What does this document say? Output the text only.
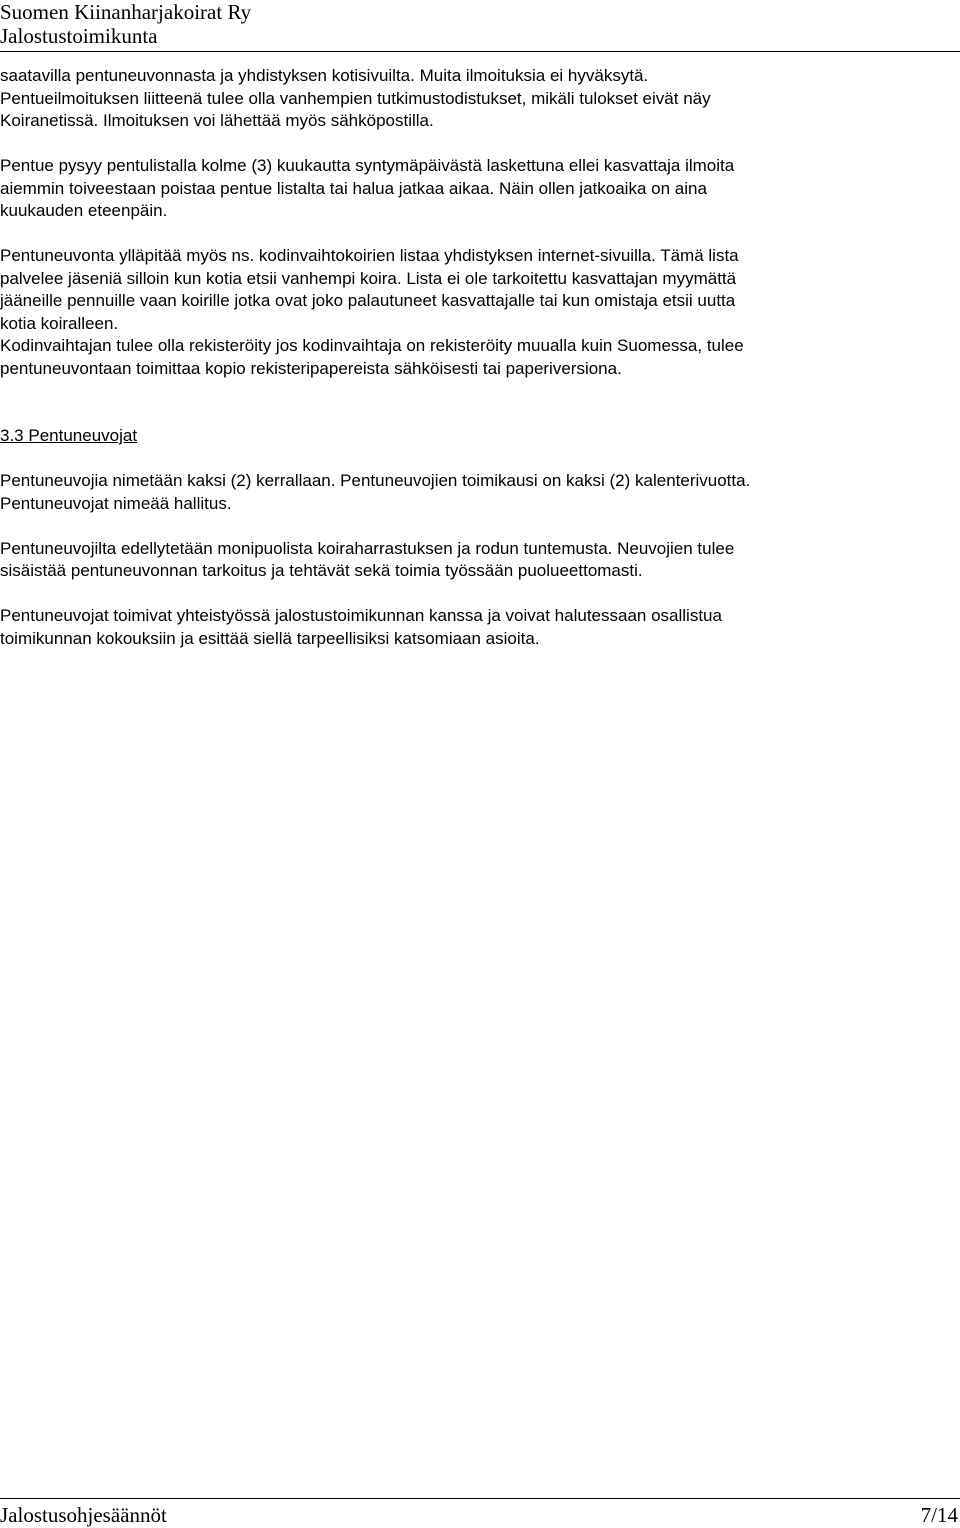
Suomen Kiinanharjakoirat Ry
Jalostustoimikunta
saatavilla pentuneuvonnasta ja yhdistyksen kotisivuilta. Muita ilmoituksia ei hyväksytä.
Pentueilmoituksen liitteenä tulee olla vanhempien tutkimustodistukset, mikäli tulokset eivät näy
Koiranetissä. Ilmoituksen voi lähettää myös sähköpostilla.
Pentue pysyy pentulistalla kolme (3) kuukautta syntymäpäivästä laskettuna ellei kasvattaja ilmoita
aiemmin toiveestaan poistaa pentue listalta tai halua jatkaa aikaa. Näin ollen jatkoaika on aina
kuukauden eteenpäin.
Pentuneuvonta ylläpitää myös ns. kodinvaihtokoirien listaa yhdistyksen internet-sivuilla. Tämä lista
palvelee jäseniä silloin kun kotia etsii vanhempi koira. Lista ei ole tarkoitettu kasvattajan myymättä
jääneille pennuille vaan koirille jotka ovat joko palautuneet kasvattajalle tai kun omistaja etsii uutta
kotia koiralleen.
Kodinvaihtajan tulee olla rekisteröity jos kodinvaihtaja on rekisteröity muualla kuin Suomessa, tulee
pentuneuvontaan toimittaa kopio rekisteripapereista sähköisesti tai paperiversiona.
3.3 Pentuneuvojat
Pentuneuvojia nimetään kaksi (2) kerrallaan. Pentuneuvojien toimikausi on kaksi (2) kalenterivuotta.
Pentuneuvojat nimeää hallitus.
Pentuneuvojilta edellytetään monipuolista koiraharrastuksen ja rodun tuntemusta. Neuvojien tulee
sisäistää pentuneuvonnan tarkoitus ja tehtävät sekä toimia työssään puolueettomasti.
Pentuneuvojat toimivat yhteistyössä jalostustoimikunnan kanssa ja voivat halutessaan osallistua
toimikunnan kokouksiin ja esittää siellä tarpeellisiksi katsomiaan asioita.
Jalostusohjesäännöt	7/14
